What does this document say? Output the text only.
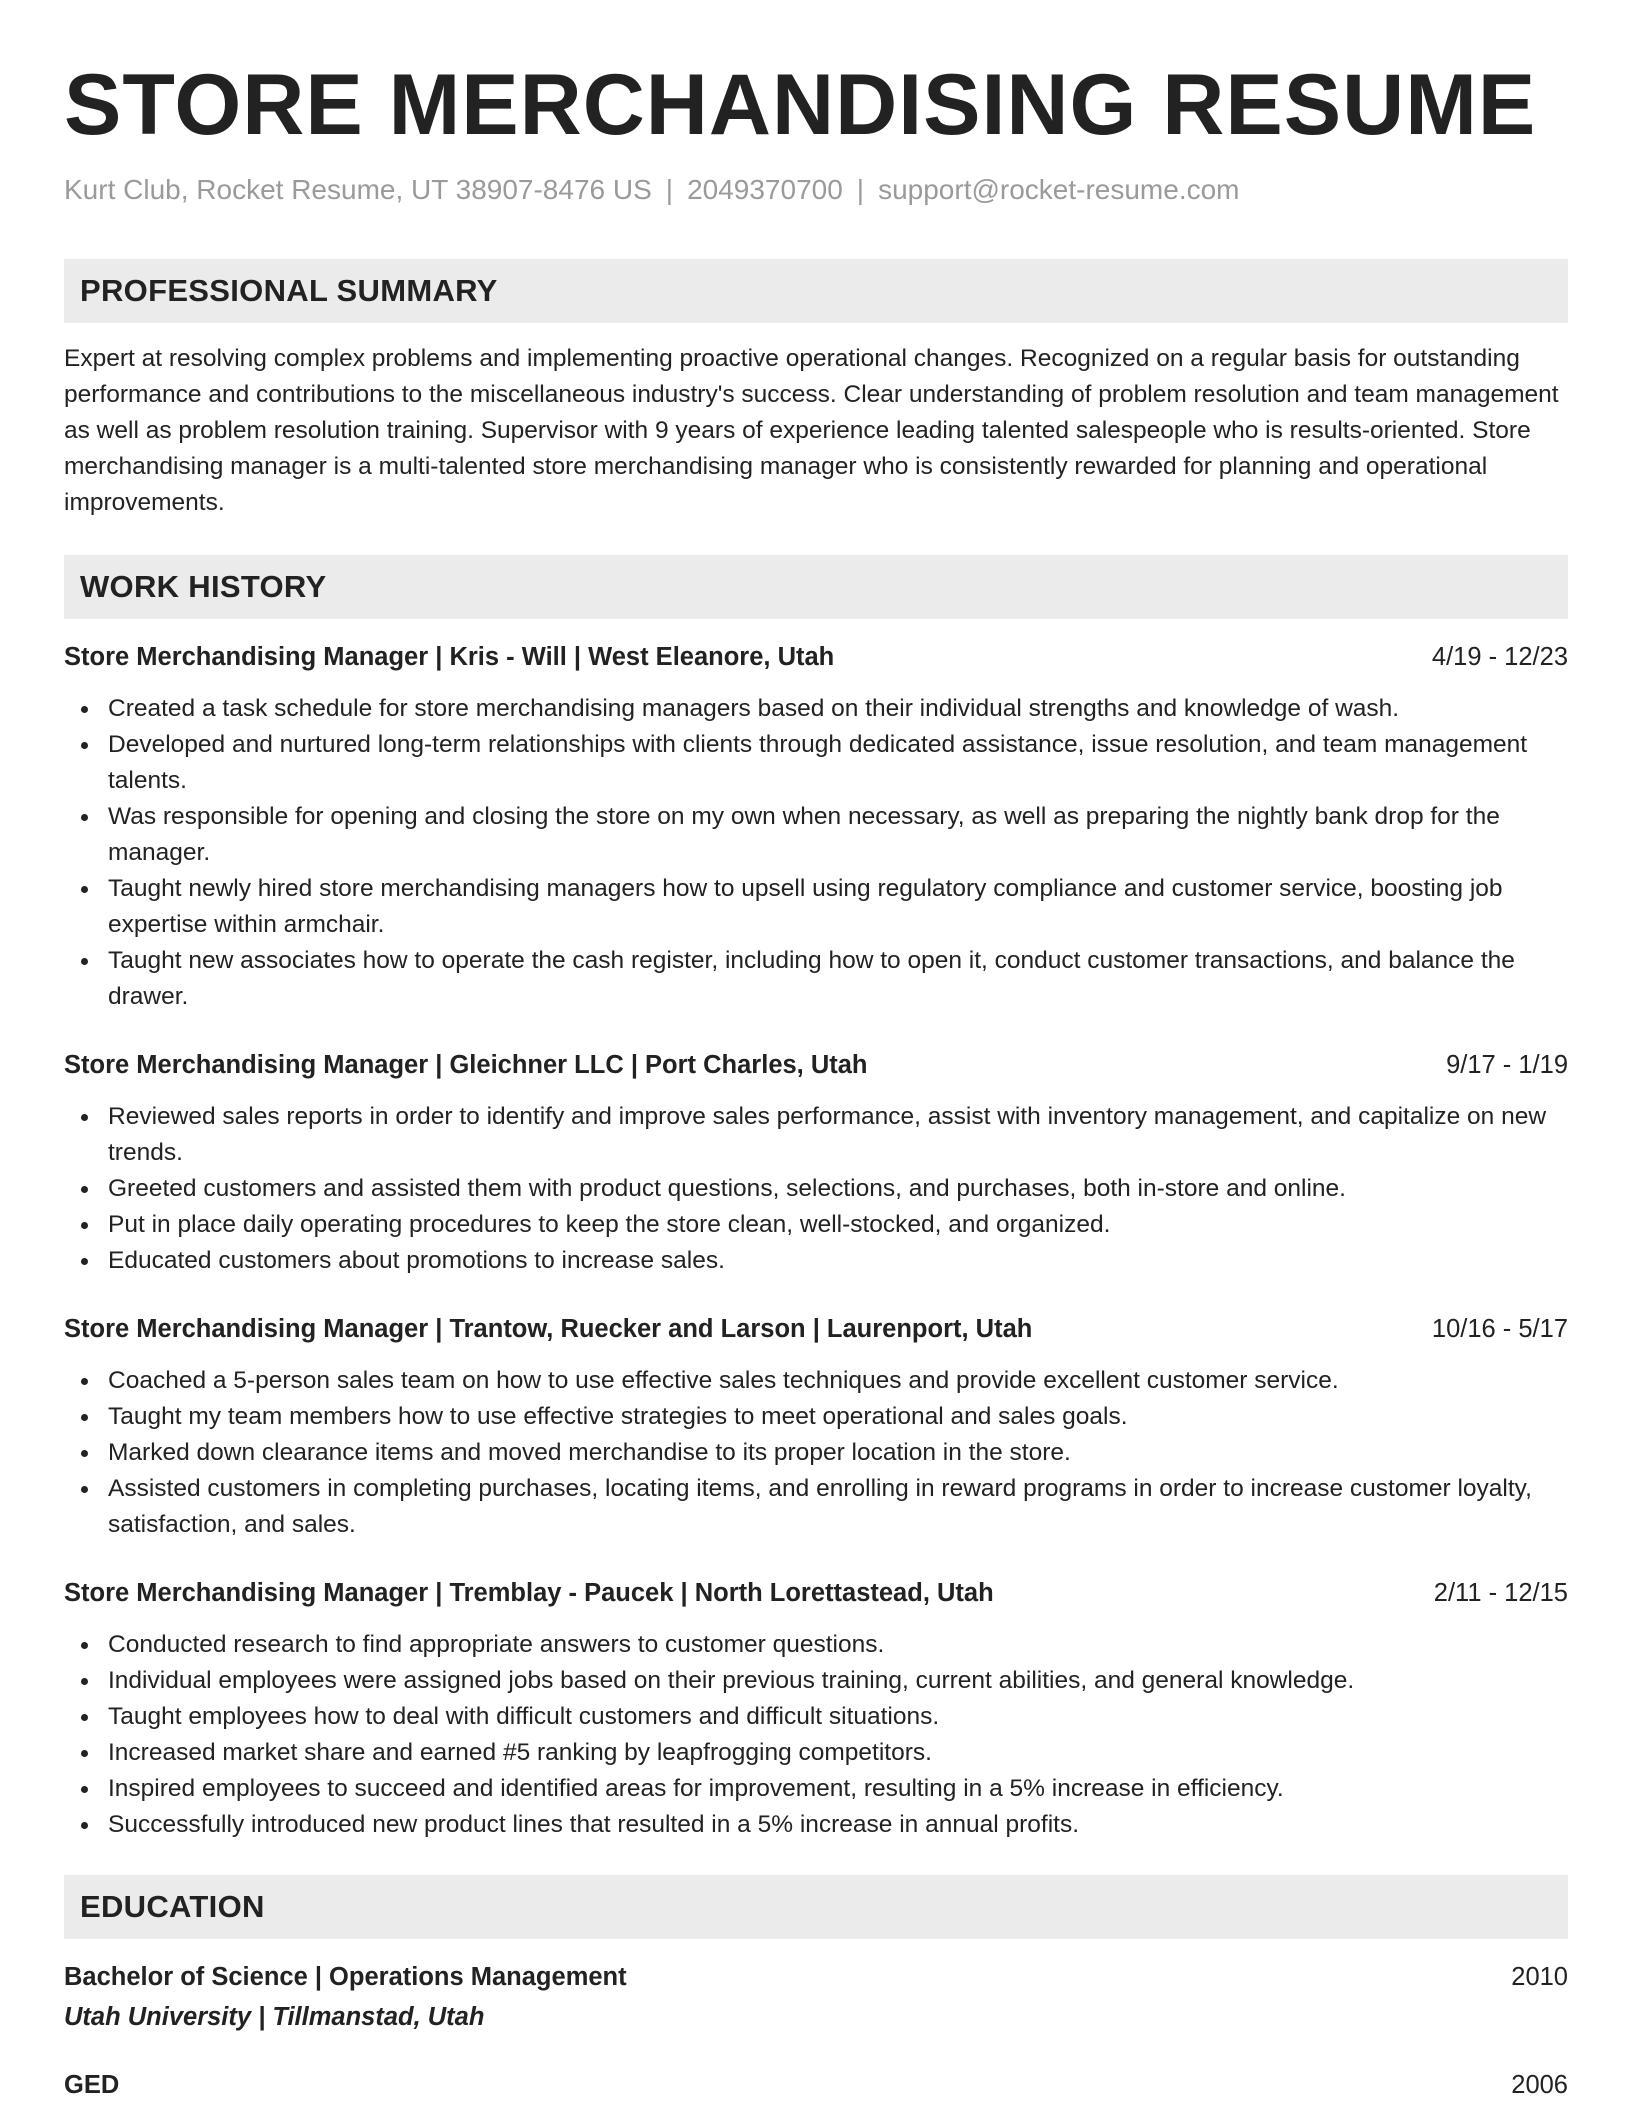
STORE MERCHANDISING RESUME
Kurt Club, Rocket Resume, UT 38907-8476 US | 2049370700 | support@rocket-resume.com
PROFESSIONAL SUMMARY
Expert at resolving complex problems and implementing proactive operational changes. Recognized on a regular basis for outstanding performance and contributions to the miscellaneous industry's success. Clear understanding of problem resolution and team management as well as problem resolution training. Supervisor with 9 years of experience leading talented salespeople who is results-oriented. Store merchandising manager is a multi-talented store merchandising manager who is consistently rewarded for planning and operational improvements.
WORK HISTORY
Store Merchandising Manager | Kris - Will | West Eleanore, Utah	4/19 - 12/23
Created a task schedule for store merchandising managers based on their individual strengths and knowledge of wash.
Developed and nurtured long-term relationships with clients through dedicated assistance, issue resolution, and team management talents.
Was responsible for opening and closing the store on my own when necessary, as well as preparing the nightly bank drop for the manager.
Taught newly hired store merchandising managers how to upsell using regulatory compliance and customer service, boosting job expertise within armchair.
Taught new associates how to operate the cash register, including how to open it, conduct customer transactions, and balance the drawer.
Store Merchandising Manager | Gleichner LLC | Port Charles, Utah	9/17 - 1/19
Reviewed sales reports in order to identify and improve sales performance, assist with inventory management, and capitalize on new trends.
Greeted customers and assisted them with product questions, selections, and purchases, both in-store and online.
Put in place daily operating procedures to keep the store clean, well-stocked, and organized.
Educated customers about promotions to increase sales.
Store Merchandising Manager | Trantow, Ruecker and Larson | Laurenport, Utah	10/16 - 5/17
Coached a 5-person sales team on how to use effective sales techniques and provide excellent customer service.
Taught my team members how to use effective strategies to meet operational and sales goals.
Marked down clearance items and moved merchandise to its proper location in the store.
Assisted customers in completing purchases, locating items, and enrolling in reward programs in order to increase customer loyalty, satisfaction, and sales.
Store Merchandising Manager | Tremblay - Paucek | North Lorettastead, Utah	2/11 - 12/15
Conducted research to find appropriate answers to customer questions.
Individual employees were assigned jobs based on their previous training, current abilities, and general knowledge.
Taught employees how to deal with difficult customers and difficult situations.
Increased market share and earned #5 ranking by leapfrogging competitors.
Inspired employees to succeed and identified areas for improvement, resulting in a 5% increase in efficiency.
Successfully introduced new product lines that resulted in a 5% increase in annual profits.
EDUCATION
Bachelor of Science | Operations Management	2010
Utah University | Tillmanstad, Utah
GED	2006
